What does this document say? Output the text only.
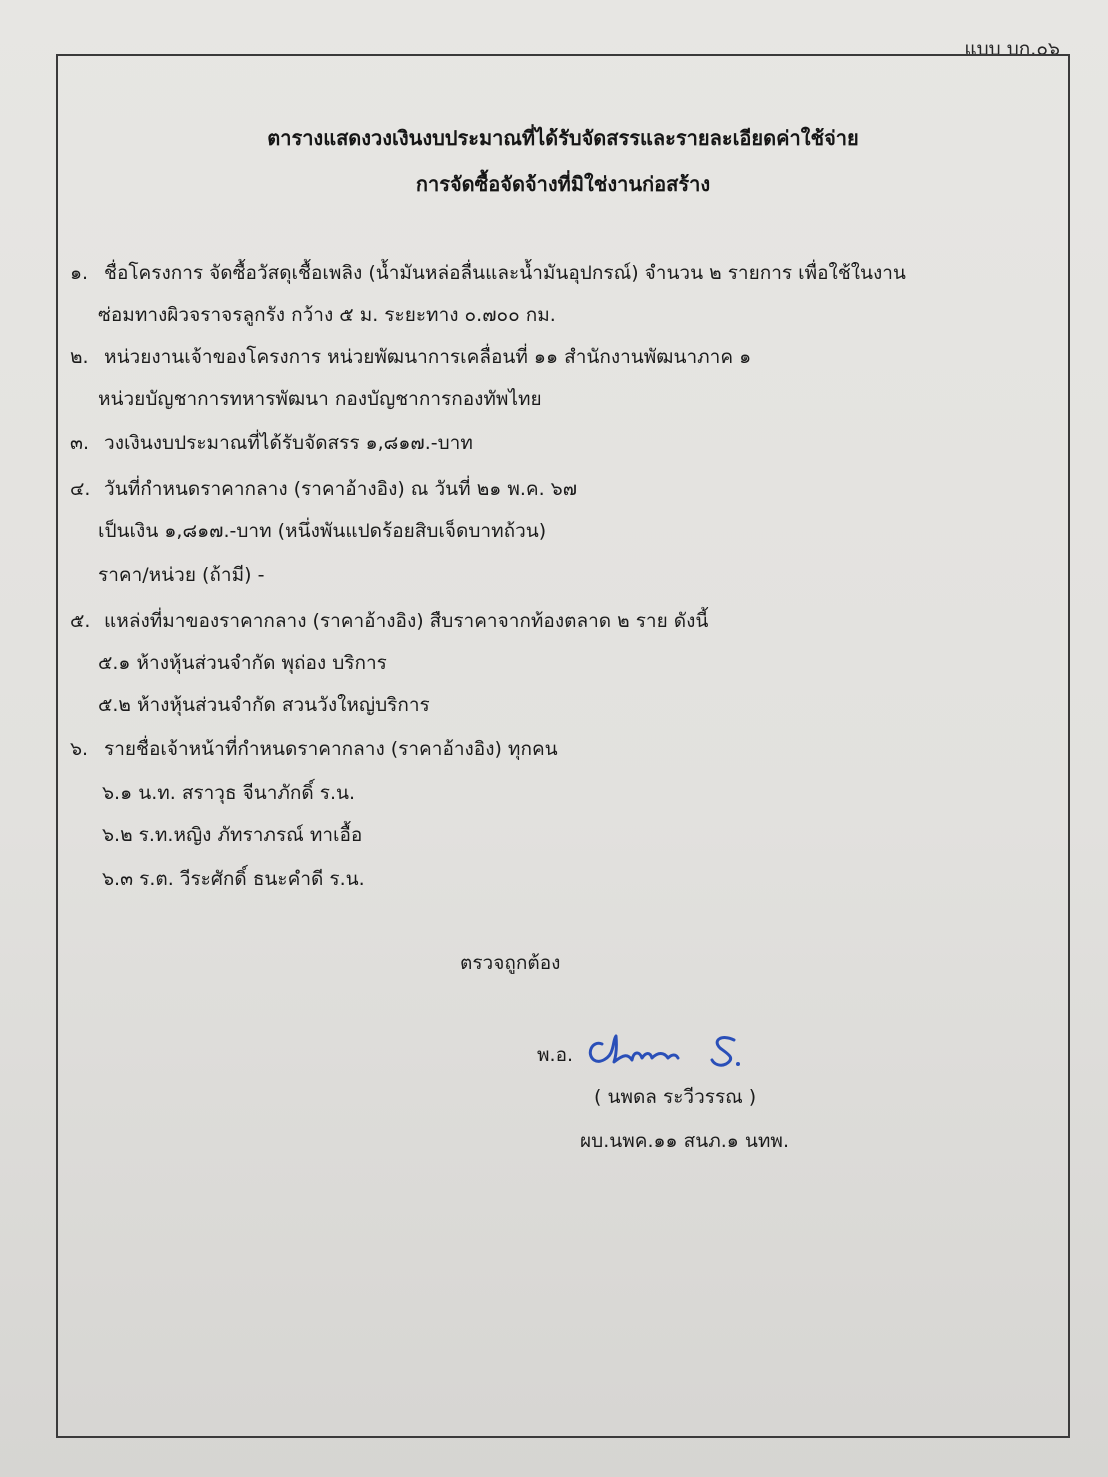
แบบ บก.๐๖
ตารางแสดงวงเงินงบประมาณที่ได้รับจัดสรรและรายละเอียดค่าใช้จ่าย
การจัดซื้อจัดจ้างที่มิใช่งานก่อสร้าง
๑. ชื่อโครงการ จัดซื้อวัสดุเชื้อเพลิง (น้ำมันหล่อลื่นและน้ำมันอุปกรณ์) จำนวน ๒ รายการ เพื่อใช้ในงาน
ซ่อมทางผิวจราจรลูกรัง กว้าง ๕ ม. ระยะทาง ๐.๗๐๐ กม.
๒. หน่วยงานเจ้าของโครงการ หน่วยพัฒนาการเคลื่อนที่ ๑๑ สำนักงานพัฒนาภาค ๑
หน่วยบัญชาการทหารพัฒนา กองบัญชาการกองทัพไทย
๓. วงเงินงบประมาณที่ได้รับจัดสรร ๑,๘๑๗.-บาท
๔. วันที่กำหนดราคากลาง (ราคาอ้างอิง) ณ วันที่ ๒๑ พ.ค. ๖๗
เป็นเงิน ๑,๘๑๗.-บาท (หนึ่งพันแปดร้อยสิบเจ็ดบาทถ้วน)
ราคา/หน่วย (ถ้ามี) -
๕. แหล่งที่มาของราคากลาง (ราคาอ้างอิง) สืบราคาจากท้องตลาด ๒ ราย ดังนี้
๕.๑ ห้างหุ้นส่วนจำกัด พุถ่อง บริการ
๕.๒ ห้างหุ้นส่วนจำกัด สวนวังใหญ่บริการ
๖. รายชื่อเจ้าหน้าที่กำหนดราคากลาง (ราคาอ้างอิง) ทุกคน
๖.๑ น.ท. สราวุธ จีนาภักดิ์ ร.น.
๖.๒ ร.ท.หญิง ภัทราภรณ์ ทาเอื้อ
๖.๓ ร.ต. วีระศักดิ์ ธนะคำดี ร.น.
ตรวจถูกต้อง
พ.อ.
( นพดล ระวีวรรณ )
ผบ.นพค.๑๑ สนภ.๑ นทพ.
